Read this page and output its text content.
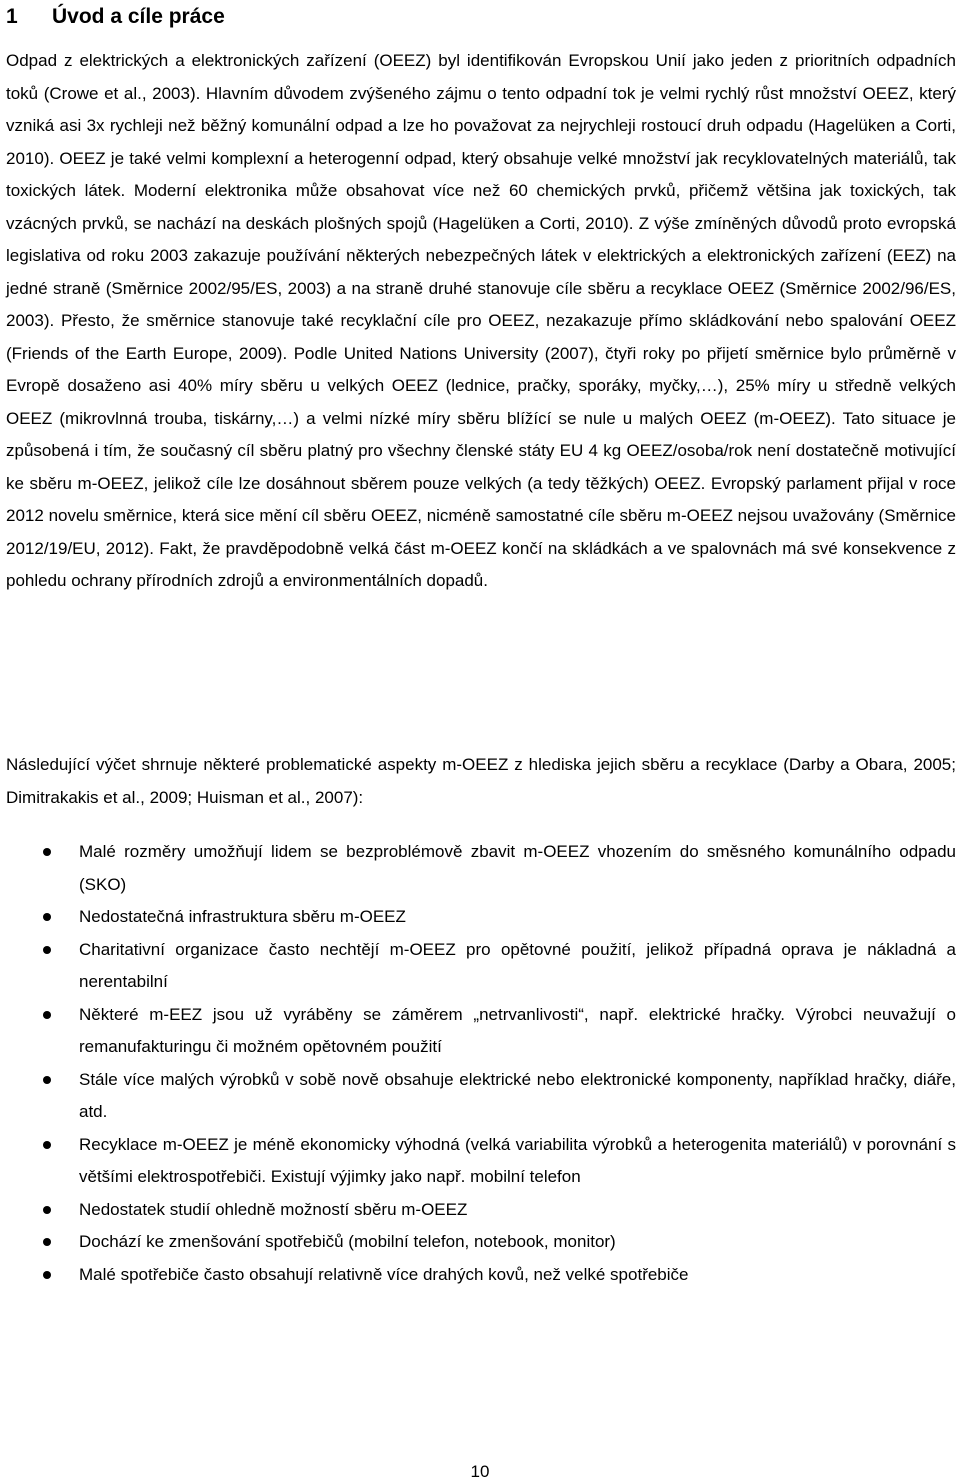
1 Úvod a cíle práce

Odpad z elektrických a elektronických zařízení (OEEZ) byl identifikován Evropskou Unií jako jeden z prioritních odpadních toků (Crowe et al., 2003). Hlavním důvodem zvýšeného zájmu o tento odpadní tok je velmi rychlý růst množství OEEZ, který vzniká asi 3x rychleji než běžný komunální odpad a lze ho považovat za nejrychleji rostoucí druh odpadu (Hagelüken a Corti, 2010). OEEZ je také velmi komplexní a heterogenní odpad, který obsahuje velké množství jak recyklovatelných materiálů, tak toxických látek. Moderní elektronika může obsahovat více než 60 chemických prvků, přičemž většina jak toxických, tak vzácných prvků, se nachází na deskách plošných spojů (Hagelüken a Corti, 2010). Z výše zmíněných důvodů proto evropská legislativa od roku 2003 zakazuje používání některých nebezpečných látek v elektrických a elektronických zařízení (EEZ) na jedné straně (Směrnice 2002/95/ES, 2003) a na straně druhé stanovuje cíle sběru a recyklace OEEZ (Směrnice 2002/96/ES, 2003). Přesto, že směrnice stanovuje také recyklační cíle pro OEEZ, nezakazuje přímo skládkování nebo spalování OEEZ (Friends of the Earth Europe, 2009). Podle United Nations University (2007), čtyři roky po přijetí směrnice bylo průměrně v Evropě dosaženo asi 40% míry sběru u velkých OEEZ (lednice, pračky, sporáky, myčky,…), 25% míry u středně velkých OEEZ (mikrovlnná trouba, tiskárny,…) a velmi nízké míry sběru blížící se nule u malých OEEZ (m-OEEZ). Tato situace je způsobená i tím, že současný cíl sběru platný pro všechny členské státy EU 4 kg OEEZ/osoba/rok není dostatečně motivující ke sběru m-OEEZ, jelikož cíle lze dosáhnout sběrem pouze velkých (a tedy těžkých) OEEZ. Evropský parlament přijal v roce 2012 novelu směrnice, která sice mění cíl sběru OEEZ, nicméně samostatné cíle sběru m-OEEZ nejsou uvažovány (Směrnice 2012/19/EU, 2012). Fakt, že pravděpodobně velká část m-OEEZ končí na skládkách a ve spalovnách má své konsekvence z pohledu ochrany přírodních zdrojů a environmentálních dopadů.

Následující výčet shrnuje některé problematické aspekty m-OEEZ z hlediska jejich sběru a recyklace (Darby a Obara, 2005; Dimitrakakis et al., 2009; Huisman et al., 2007):

Malé rozměry umožňují lidem se bezproblémově zbavit m-OEEZ vhozením do směsného komunálního odpadu (SKO)
Nedostatečná infrastruktura sběru m-OEEZ
Charitativní organizace často nechtějí m-OEEZ pro opětovné použití, jelikož případná oprava je nákladná a nerentabilní
Některé m-EEZ jsou už vyráběny se záměrem „netrvanlivosti“, např. elektrické hračky. Výrobci neuvažují o remanufakturingu či možném opětovném použití
Stále více malých výrobků v sobě nově obsahuje elektrické nebo elektronické komponenty, například hračky, diáře, atd.
Recyklace m-OEEZ je méně ekonomicky výhodná (velká variabilita výrobků a heterogenita materiálů) v porovnání s většími elektrospotřebiči. Existují výjimky jako např. mobilní telefon
Nedostatek studií ohledně možností sběru m-OEEZ
Dochází ke zmenšování spotřebičů (mobilní telefon, notebook, monitor)
Malé spotřebiče často obsahují relativně více drahých kovů, než velké spotřebiče
10
